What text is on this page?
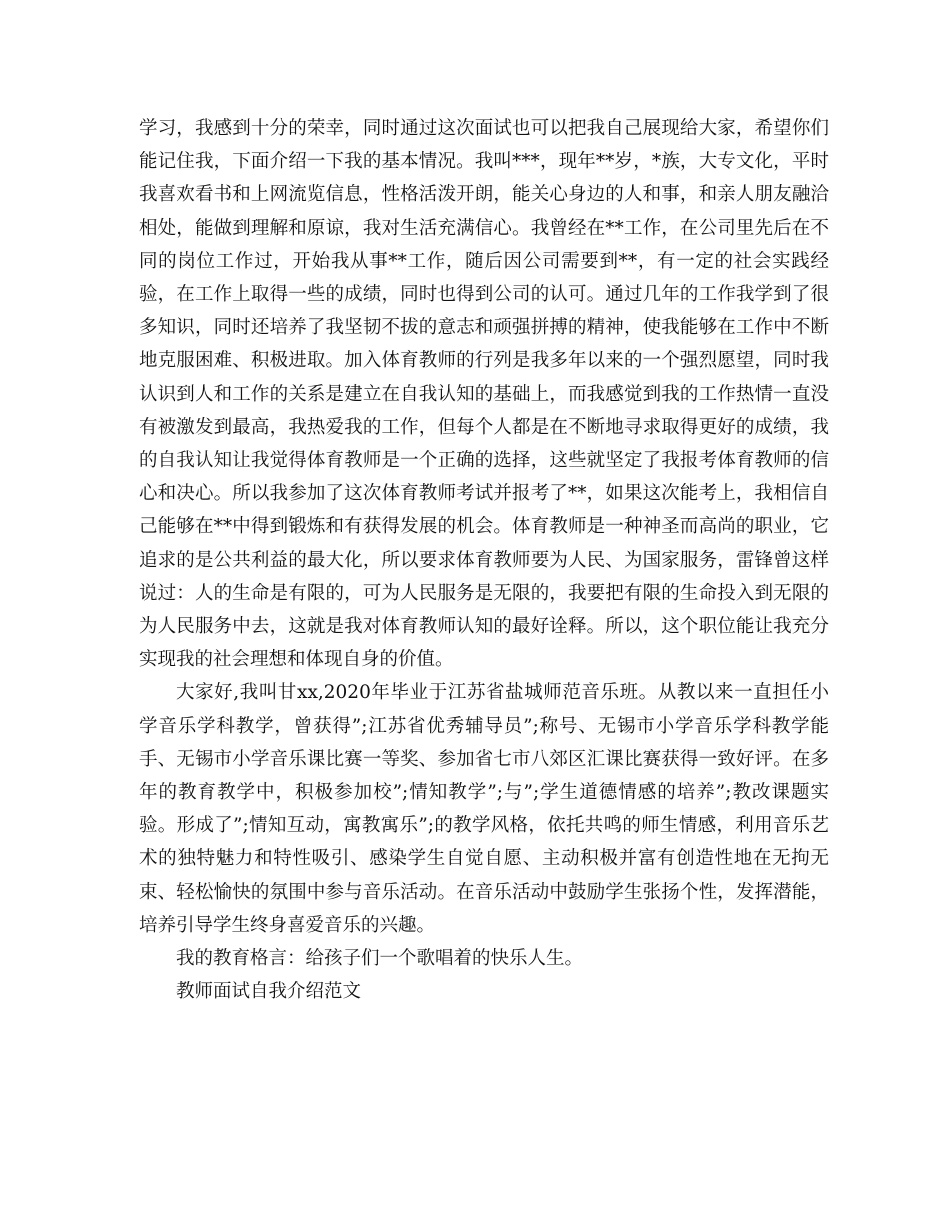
学习，我感到十分的荣幸，同时通过这次面试也可以把我自己展现给大家，希望你们能记住我，下面介绍一下我的基本情况。我叫***，现年**岁，*族，大专文化，平时我喜欢看书和上网流览信息，性格活泼开朗，能关心身边的人和事，和亲人朋友融洽相处，能做到理解和原谅，我对生活充满信心。我曾经在**工作，在公司里先后在不同的岗位工作过，开始我从事**工作，随后因公司需要到**，有一定的社会实践经验，在工作上取得一些的成绩，同时也得到公司的认可。通过几年的工作我学到了很多知识，同时还培养了我坚韧不拔的意志和顽强拼搏的精神，使我能够在工作中不断地克服困难、积极进取。加入体育教师的行列是我多年以来的一个强烈愿望，同时我认识到人和工作的关系是建立在自我认知的基础上，而我感觉到我的工作热情一直没有被激发到最高，我热爱我的工作，但每个人都是在不断地寻求取得更好的成绩，我的自我认知让我觉得体育教师是一个正确的选择，这些就坚定了我报考体育教师的信心和决心。所以我参加了这次体育教师考试并报考了**，如果这次能考上，我相信自己能够在**中得到锻炼和有获得发展的机会。体育教师是一种神圣而高尚的职业，它追求的是公共利益的最大化，所以要求体育教师要为人民、为国家服务，雷锋曾这样说过：人的生命是有限的，可为人民服务是无限的，我要把有限的生命投入到无限的为人民服务中去，这就是我对体育教师认知的最好诠释。所以，这个职位能让我充分实现我的社会理想和体现自身的价值。

大家好,我叫甘xx,2020年毕业于江苏省盐城师范音乐班。从教以来一直担任小学音乐学科教学，曾获得”;江苏省优秀辅导员”;称号、无锡市小学音乐学科教学能手、无锡市小学音乐课比赛一等奖、参加省七市八郊区汇课比赛获得一致好评。在多年的教育教学中，积极参加校”;情知教学”;与”;学生道德情感的培养”;教改课题实验。形成了”;情知互动，寓教寓乐”;的教学风格，依托共鸣的师生情感，利用音乐艺术的独特魅力和特性吸引、感染学生自觉自愿、主动积极并富有创造性地在无拘无束、轻松愉快的氛围中参与音乐活动。在音乐活动中鼓励学生张扬个性，发挥潜能，培养引导学生终身喜爱音乐的兴趣。

我的教育格言：给孩子们一个歌唱着的快乐人生。

教师面试自我介绍范文
